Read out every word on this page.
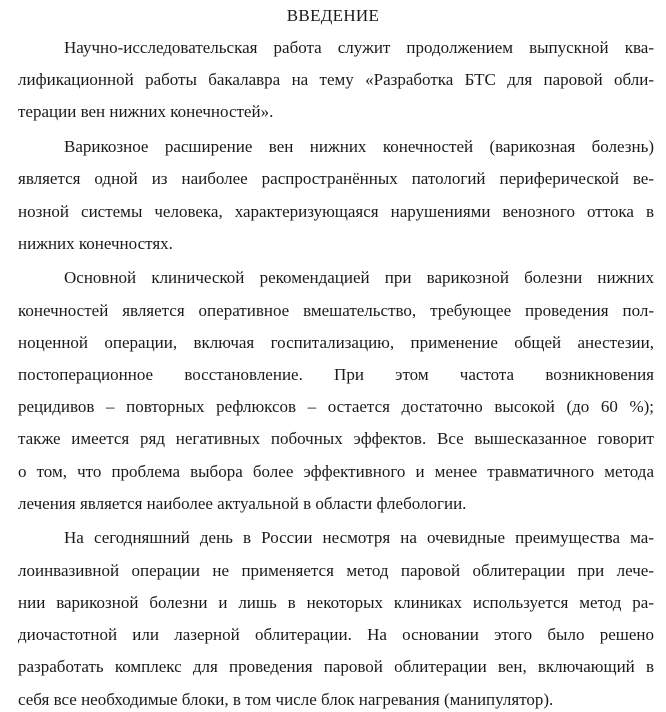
ВВЕДЕНИЕ
Научно-исследовательская работа служит продолжением выпускной ква-
лификационной работы бакалавра на тему «Разработка БТС для паровой обли-
терации вен нижних конечностей».
Варикозное расширение вен нижних конечностей (варикозная болезнь)
является одной из наиболее распространённых патологий периферической ве-
нозной системы человека, характеризующаяся нарушениями венозного оттока в
нижних конечностях.
Основной клинической рекомендацией при варикозной болезни нижних
конечностей является оперативное вмешательство, требующее проведения пол-
ноценной операции, включая госпитализацию, применение общей анестезии,
постоперационное восстановление. При этом частота возникновения
рецидивов – повторных рефлюксов – остается достаточно высокой (до 60 %);
также имеется ряд негативных побочных эффектов. Все вышесказанное говорит
о том, что проблема выбора более эффективного и менее травматичного метода
лечения является наиболее актуальной в области флебологии.
На сегодняшний день в России несмотря на очевидные преимущества ма-
лоинвазивной операции не применяется метод паровой облитерации при лече-
нии варикозной болезни и лишь в некоторых клиниках используется метод ра-
диочастотной или лазерной облитерации. На основании этого было решено
разработать комплекс для проведения паровой облитерации вен, включающий в
себя все необходимые блоки, в том числе блок нагревания (манипулятор).
